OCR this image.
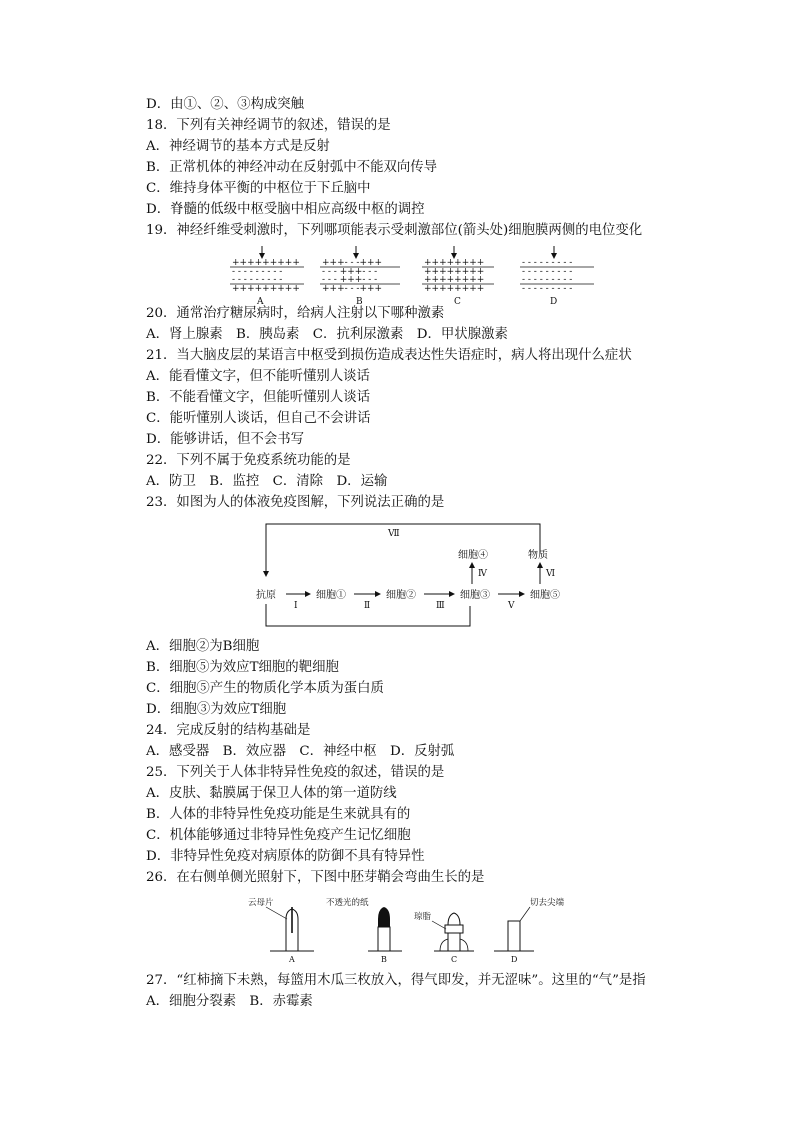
D．由①、②、③构成突触
18．下列有关神经调节的叙述，错误的是
A．神经调节的基本方式是反射
B．正常机体的神经冲动在反射弧中不能双向传导
C．维持身体平衡的中枢位于下丘脑中
D．脊髓的低级中枢受脑中相应高级中枢的调控
19．神经纤维受刺激时，下列哪项能表示受刺激部位(箭头处)细胞膜两侧的电位变化
+++++++++
- - - - - - - - -
- - - - - - - - -
+++++++++
+++- - -+++
- - - +++- - -
- - - +++- - -
+++- - -+++
++++++++
++++++++
++++++++
++++++++
- - - - - - - - -
- - - - - - - - -
- - - - - - - - -
- - - - - - - - -
A	B	C	D
20．通常治疗糖尿病时，给病人注射以下哪种激素
A．肾上腺素　B．胰岛素　C．抗利尿激素　D．甲状腺激素
21．当大脑皮层的某语言中枢受到损伤造成表达性失语症时，病人将出现什么症状
A．能看懂文字，但不能听懂别人谈话
B．不能看懂文字，但能听懂别人谈话
C．能听懂别人谈话，但自己不会讲话
D．能够讲话，但不会书写
22．下列不属于免疫系统功能的是
A．防卫　B．监控　C．清除　D．运输
23．如图为人的体液免疫图解，下列说法正确的是
Ⅶ
抗原	细胞①	细胞②	细胞③	细胞⑤
细胞④	物质
Ⅰ	Ⅱ	Ⅲ	Ⅴ
Ⅳ	Ⅵ
A．细胞②为B细胞
B．细胞⑤为效应T细胞的靶细胞
C．细胞⑤产生的物质化学本质为蛋白质
D．细胞③为效应T细胞
24．完成反射的结构基础是
A．感受器　B．效应器　C．神经中枢　D．反射弧
25．下列关于人体非特异性免疫的叙述，错误的是
A．皮肤、黏膜属于保卫人体的第一道防线
B．人体的非特异性免疫功能是生来就具有的
C．机体能够通过非特异性免疫产生记忆细胞
D．非特异性免疫对病原体的防御不具有特异性
26．在右侧单侧光照射下，下图中胚芽鞘会弯曲生长的是
云母片
A
不透光的纸
B
琼脂
C
切去尖端
D
27．“红柿摘下未熟，每篮用木瓜三枚放入，得气即发，并无涩味”。这里的“气”是指
A．细胞分裂素　B．赤霉素
